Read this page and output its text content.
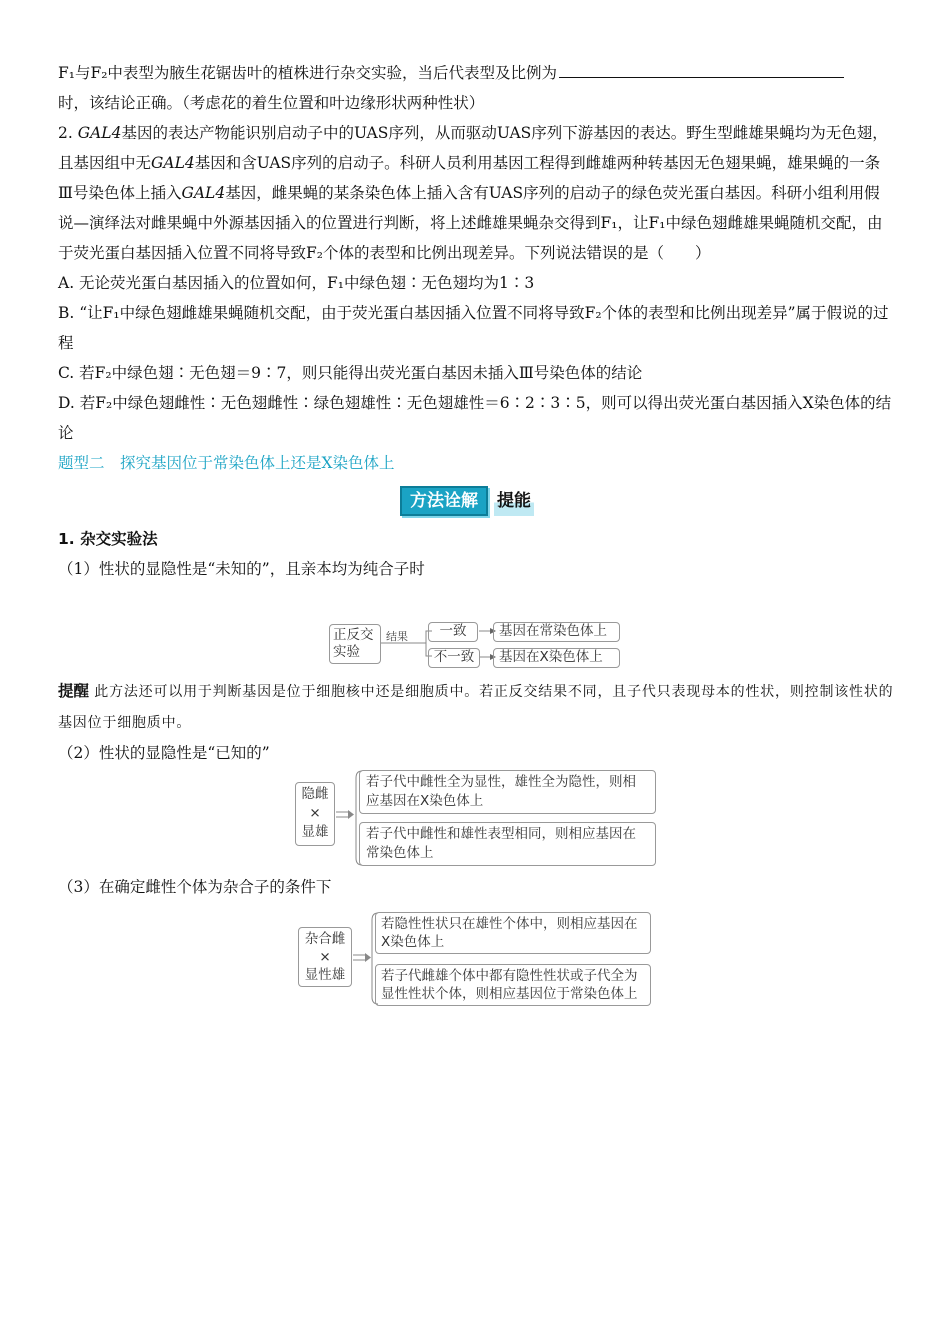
F₁与F₂中表型为腋生花锯齿叶的植株进行杂交实验，当后代表型及比例为

时，该结论正确。（考虑花的着生位置和叶边缘形状两种性状）

2. GAL4基因的表达产物能识别启动子中的UAS序列，从而驱动UAS序列下游基因的表达。野生型雌雄果蝇均为无色翅，且基因组中无GAL4基因和含UAS序列的启动子。科研人员利用基因工程得到雌雄两种转基因无色翅果蝇，雄果蝇的一条Ⅲ号染色体上插入GAL4基因，雌果蝇的某条染色体上插入含有UAS序列的启动子的绿色荧光蛋白基因。科研小组利用假说—演绎法对雌果蝇中外源基因插入的位置进行判断，将上述雌雄果蝇杂交得到F₁，让F₁中绿色翅雌雄果蝇随机交配，由于荧光蛋白基因插入位置不同将导致F₂个体的表型和比例出现差异。下列说法错误的是（　　）

A. 无论荧光蛋白基因插入的位置如何，F₁中绿色翅∶无色翅均为1∶3

B. “让F₁中绿色翅雌雄果蝇随机交配，由于荧光蛋白基因插入位置不同将导致F₂个体的表型和比例出现差异”属于假说的过程

C. 若F₂中绿色翅∶无色翅＝9∶7，则只能得出荧光蛋白基因未插入Ⅲ号染色体的结论

D. 若F₂中绿色翅雌性∶无色翅雌性∶绿色翅雄性∶无色翅雄性＝6∶2∶3∶5，则可以得出荧光蛋白基因插入X染色体的结论

题型二　探究基因位于常染色体上还是X染色体上

方法诠解	提能

1. 杂交实验法

（1）性状的显隐性是“未知的”，且亲本均为纯合子时

正反交
实验
结果	一致
不一致
基因在常染色体上
基因在X染色体上

提醒 此方法还可以用于判断基因是位于细胞核中还是细胞质中。若正反交结果不同，且子代只表现母本的性状，则控制该性状的基因位于细胞质中。

（2）性状的显隐性是“已知的”

隐雌
×
显雄
若子代中雌性全为显性，雄性全为隐性，则相应基因在X染色体上
若子代中雌性和雄性表型相同，则相应基因在常染色体上

（3）在确定雌性个体为杂合子的条件下

杂合雌
×
显性雄
若隐性性状只在雄性个体中，则相应基因在X染色体上
若子代雌雄个体中都有隐性性状或子代全为显性性状个体，则相应基因位于常染色体上
